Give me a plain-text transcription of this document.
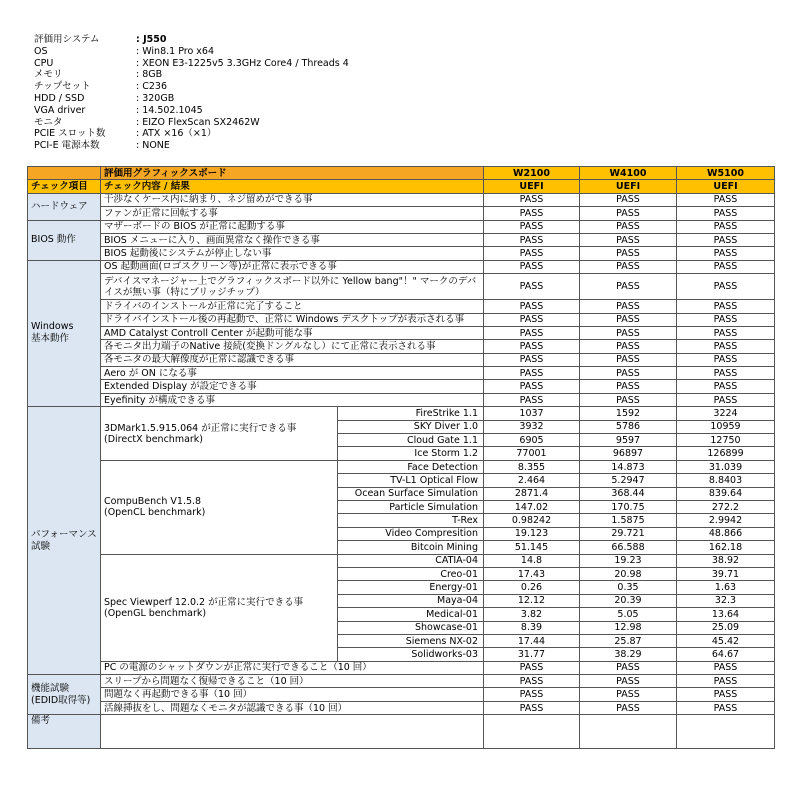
評価用システム	: J550
OS	: Win8.1 Pro x64
CPU	: XEON E3-1225v5 3.3GHz Core4 / Threads 4
メモリ	: 8GB
チップセット	: C236
HDD / SSD	: 320GB
VGA driver	: 14.502.1045
モニタ	: EIZO FlexScan SX2462W
PCIE スロット数	: ATX ×16（×1）
PCI-E 電源本数	: NONE
	評価用グラフィックスボード		W2100	W4100	W5100
チェック項目	チェック内容 / 結果		UEFI	UEFI	UEFI
ハードウェア	干渉なくケース内に納まり、ネジ留めができる事		PASS	PASS	PASS
	ファンが正常に回転する事		PASS	PASS	PASS
BIOS 動作	マザーボードの BIOS が正常に起動する事		PASS	PASS	PASS
	BIOS メニューに入り、画面異常なく操作できる事		PASS	PASS	PASS
	BIOS 起動後にシステムが停止しない事		PASS	PASS	PASS
Windows
基本動作	OS 起動画面(ロゴスクリーン等)が正常に表示できる事		PASS	PASS	PASS
	デバイスマネージャー上でグラフィックスボード以外に Yellow bang"！" マークのデバイスが無い事（特にブリッジチップ）		PASS	PASS	PASS
	ドライバのインストールが正常に完了すること		PASS	PASS	PASS
	ドライバインストール後の再起動で、正常に Windows デスクトップが表示される事		PASS	PASS	PASS
	AMD Catalyst Controll Center が起動可能な事		PASS	PASS	PASS
	各モニタ出力端子のNative 接続(変換ドングルなし）にて正常に表示される事		PASS	PASS	PASS
	各モニタの最大解像度が正常に認識できる事		PASS	PASS	PASS
	Aero が ON になる事		PASS	PASS	PASS
	Extended Display が設定できる事		PASS	PASS	PASS
	Eyefinity が構成できる事		PASS	PASS	PASS
パフォーマンス
試験	3DMark1.5.915.064 が正常に実行できる事
(DirectX benchmark)	FireStrike 1.1	1037	1592	3224
		SKY Diver 1.0	3932	5786	10959
		Cloud Gate 1.1	6905	9597	12750
		Ice Storm 1.2	77001	96897	126899
	CompuBench V1.5.8
(OpenCL benchmark)	Face Detection	8.355	14.873	31.039
		TV-L1 Optical Flow	2.464	5.2947	8.8403
		Ocean Surface Simulation	2871.4	368.44	839.64
		Particle Simulation	147.02	170.75	272.2
		T-Rex	0.98242	1.5875	2.9942
		Video Compresition	19.123	29.721	48.866
		Bitcoin Mining	51.145	66.588	162.18
	Spec Viewperf 12.0.2 が正常に実行できる事
(OpenGL benchmark)	CATIA-04	14.8	19.23	38.92
		Creo-01	17.43	20.98	39.71
		Energy-01	0.26	0.35	1.63
		Maya-04	12.12	20.39	32.3
		Medical-01	3.82	5.05	13.64
		Showcase-01	8.39	12.98	25.09
		Siemens NX-02	17.44	25.87	45.42
		Solidworks-03	31.77	38.29	64.67
	PC の電源のシャットダウンが正常に実行できること（10 回）		PASS	PASS	PASS
機能試験
(EDID取得等)	スリープから問題なく復帰できること（10 回）		PASS	PASS	PASS
	問題なく再起動できる事（10 回）		PASS	PASS	PASS
	活線挿抜をし、問題なくモニタが認識できる事（10 回）		PASS	PASS	PASS
備考					
